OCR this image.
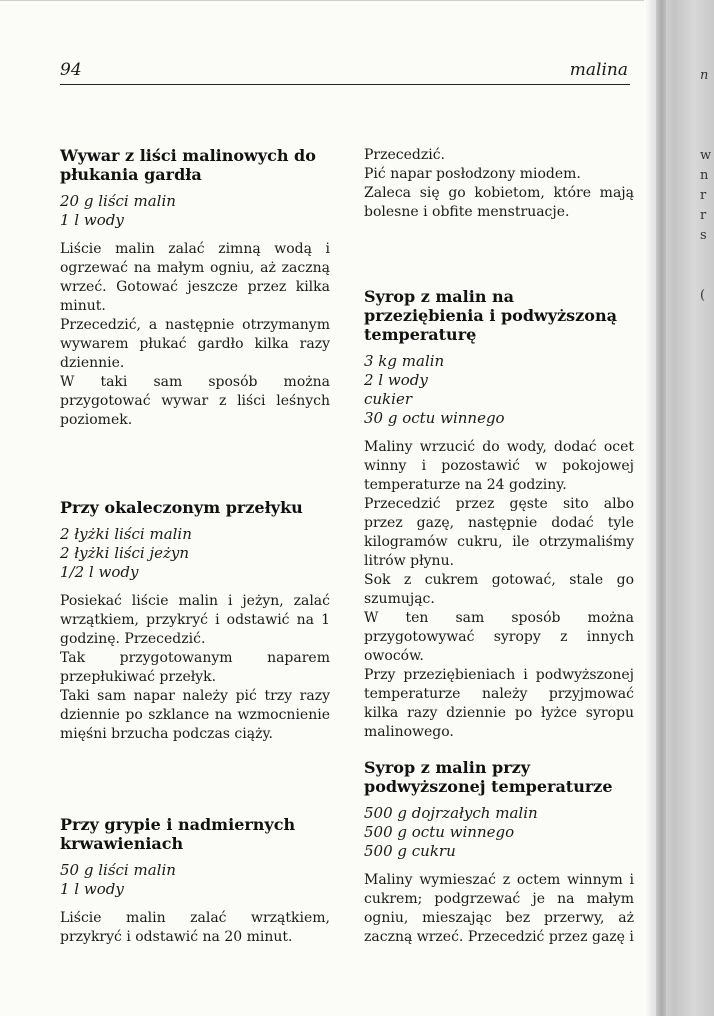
94	malina
Wywar z liści malinowych do płukania gardła
20 g liści malin
1 l wody

Liście malin zalać zimną wodą i ogrzewać na małym ogniu, aż zaczną wrzeć. Gotować jeszcze przez kilka minut.

Przecedzić, a następnie otrzymanym wywarem płukać gardło kilka razy dziennie.

W taki sam sposób można przygotować wywar z liści leśnych poziomek.

Przy okaleczonym przełyku
2 łyżki liści malin
2 łyżki liści jeżyn
1/2 l wody

Posiekać liście malin i jeżyn, zalać wrzątkiem, przykryć i odstawić na 1 godzinę. Przecedzić.

Tak przygotowanym naparem przepłukiwać przełyk.

Taki sam napar należy pić trzy razy dziennie po szklance na wzmocnienie mięśni brzucha podczas ciąży.

Przy grypie i nadmiernych krwawieniach
50 g liści malin
1 l wody

Liście malin zalać wrzątkiem, przykryć i odstawić na 20 minut.

Przecedzić.

Pić napar posłodzony miodem.

Zaleca się go kobietom, które mają bolesne i obfite menstruacje.

Syrop z malin na przeziębienia i podwyższoną temperaturę
3 kg malin
2 l wody
cukier
30 g octu winnego

Maliny wrzucić do wody, dodać ocet winny i pozostawić w pokojowej temperaturze na 24 godziny.

Przecedzić przez gęste sito albo przez gazę, następnie dodać tyle kilogramów cukru, ile otrzymaliśmy litrów płynu.

Sok z cukrem gotować, stale go szumując.

W ten sam sposób można przygotowywać syropy z innych owoców.

Przy przeziębieniach i podwyższonej temperaturze należy przyjmować kilka razy dziennie po łyżce syropu malinowego.

Syrop z malin przy podwyższonej temperaturze
500 g dojrzałych malin
500 g octu winnego
500 g cukru

Maliny wymieszać z octem winnym i cukrem; podgrzewać je na małym ogniu, mieszając bez przerwy, aż zaczną wrzeć. Przecedzić przez gazę i

n
w
n
r
r
s
(
